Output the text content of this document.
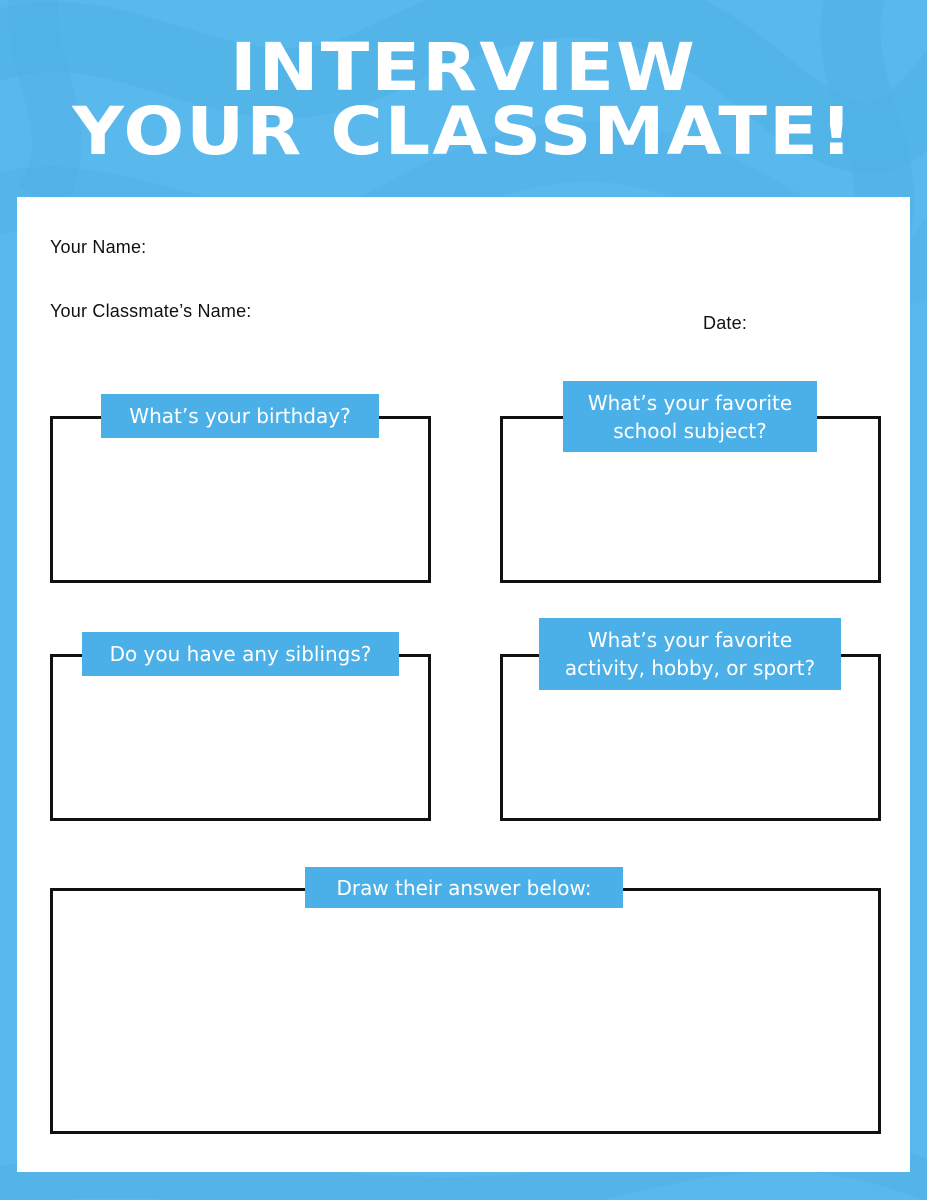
INTERVIEW
YOUR CLASSMATE!
Your Name:
Your Classmate’s Name:
Date:
What’s your birthday?
What’s your favorite
school subject?
Do you have any siblings?
What’s your favorite
activity, hobby, or sport?
Draw their answer below:
